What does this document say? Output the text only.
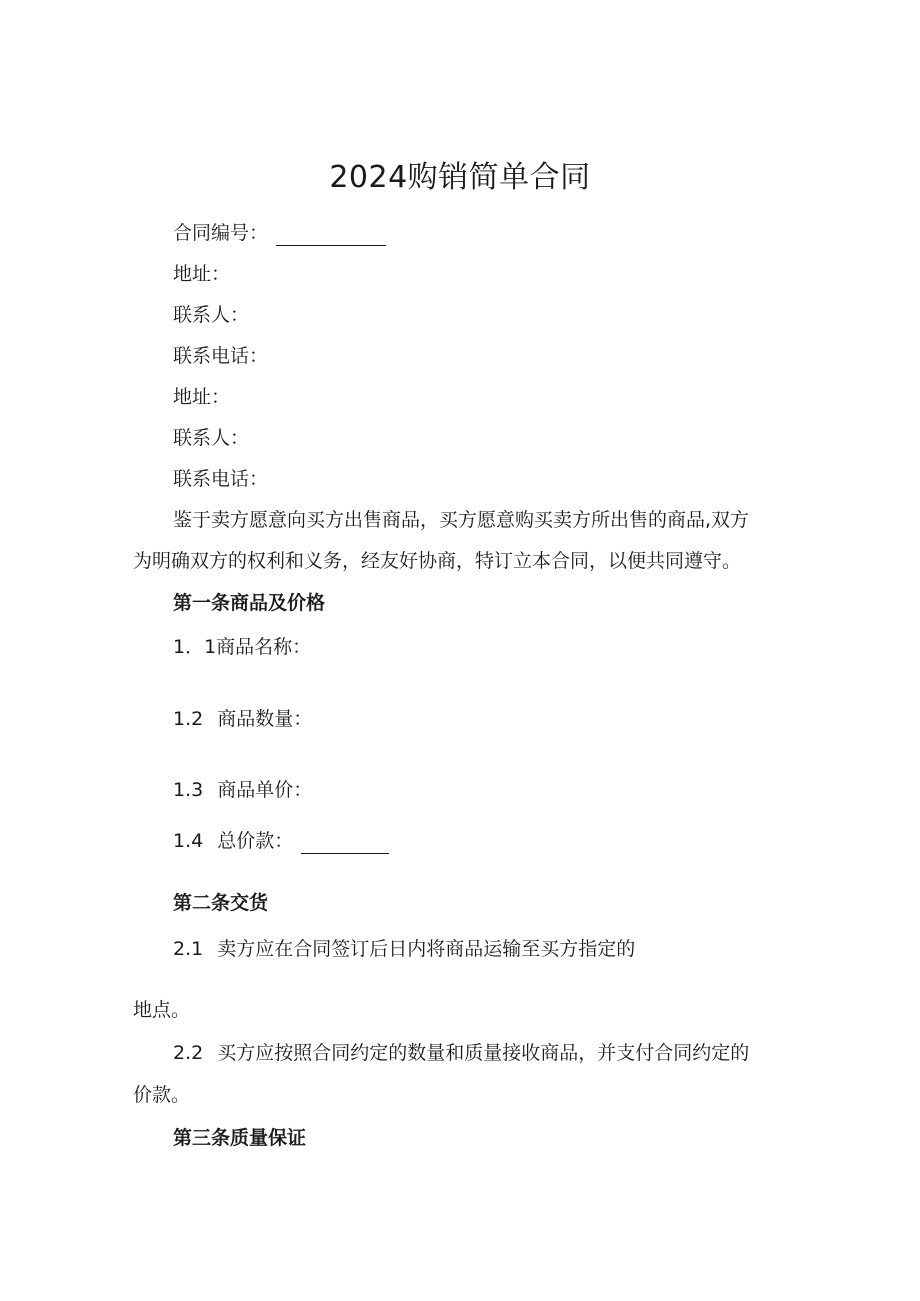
2024购销简单合同

合同编号：

地址：

联系人：

联系电话：

地址：

联系人：

联系电话：

鉴于卖方愿意向买方出售商品，买方愿意购买卖方所出售的商品,双方

为明确双方的权利和义务，经友好协商，特订立本合同，以便共同遵守。

第一条商品及价格

1．1商品名称：

1.2 商品数量：

1.3 商品单价：

1.4 总价款：

第二条交货

2.1 卖方应在合同签订后日内将商品运输至买方指定的

地点。

2.2 买方应按照合同约定的数量和质量接收商品，并支付合同约定的

价款。

第三条质量保证
